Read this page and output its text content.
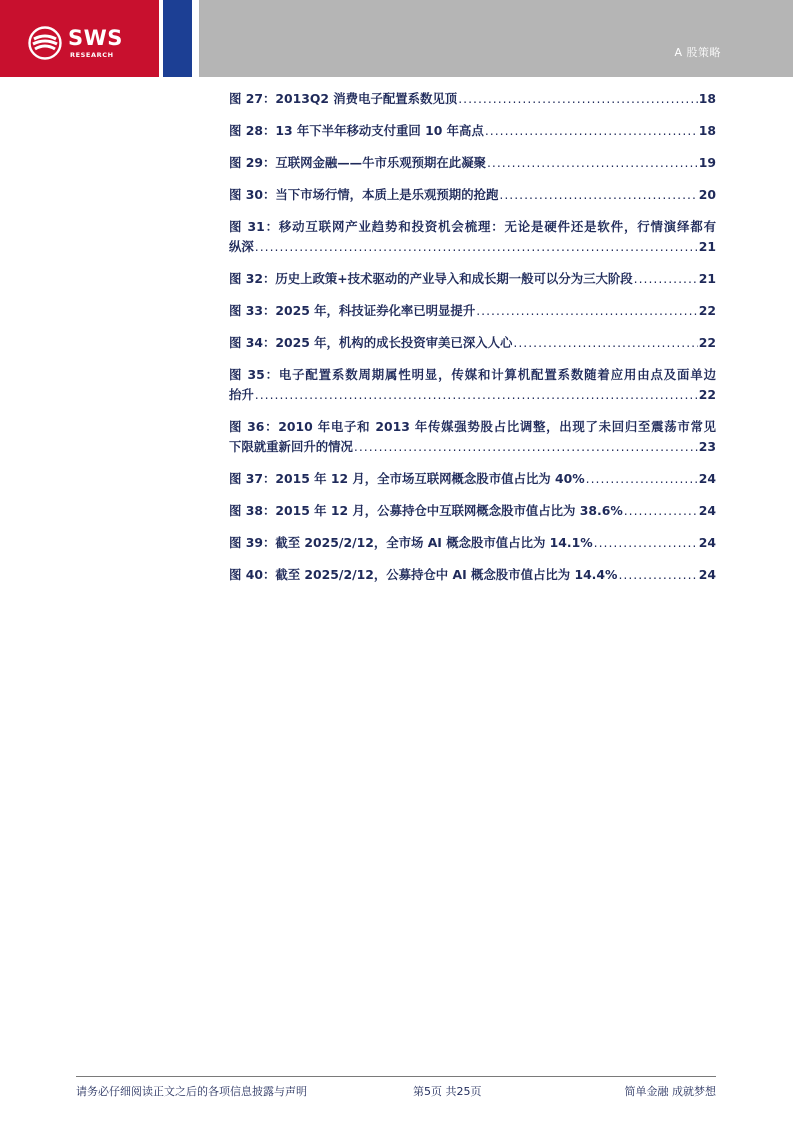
SWS
RESEARCH	A 股策略
图 27：2013Q2 消费电子配置系数见顶 .....	18
图 28：13 年下半年移动支付重回 10 年高点 .....	18
图 29：互联网金融——牛市乐观预期在此凝聚 .....	19
图 30：当下市场行情，本质上是乐观预期的抢跑 .....	20
图 31：移动互联网产业趋势和投资机会梳理：无论是硬件还是软件，行情演绎都有
纵深 .....	21
图 32：历史上政策+技术驱动的产业导入和成长期一般可以分为三大阶段 .....	21
图 33：2025 年，科技证券化率已明显提升 .....	22
图 34：2025 年，机构的成长投资审美已深入人心 .....	22
图 35：电子配置系数周期属性明显，传媒和计算机配置系数随着应用由点及面单边
抬升 .....	22
图 36：2010 年电子和 2013 年传媒强势股占比调整，出现了未回归至震荡市常见
下限就重新回升的情况 .....	23
图 37：2015 年 12 月，全市场互联网概念股市值占比为 40% .....	24
图 38：2015 年 12 月，公募持仓中互联网概念股市值占比为 38.6% .....	24
图 39：截至 2025/2/12，全市场 AI 概念股市值占比为 14.1% .....	24
图 40：截至 2025/2/12，公募持仓中 AI 概念股市值占比为 14.4% .....	24
请务必仔细阅读正文之后的各项信息披露与声明	第5页 共25页	简单金融 成就梦想
